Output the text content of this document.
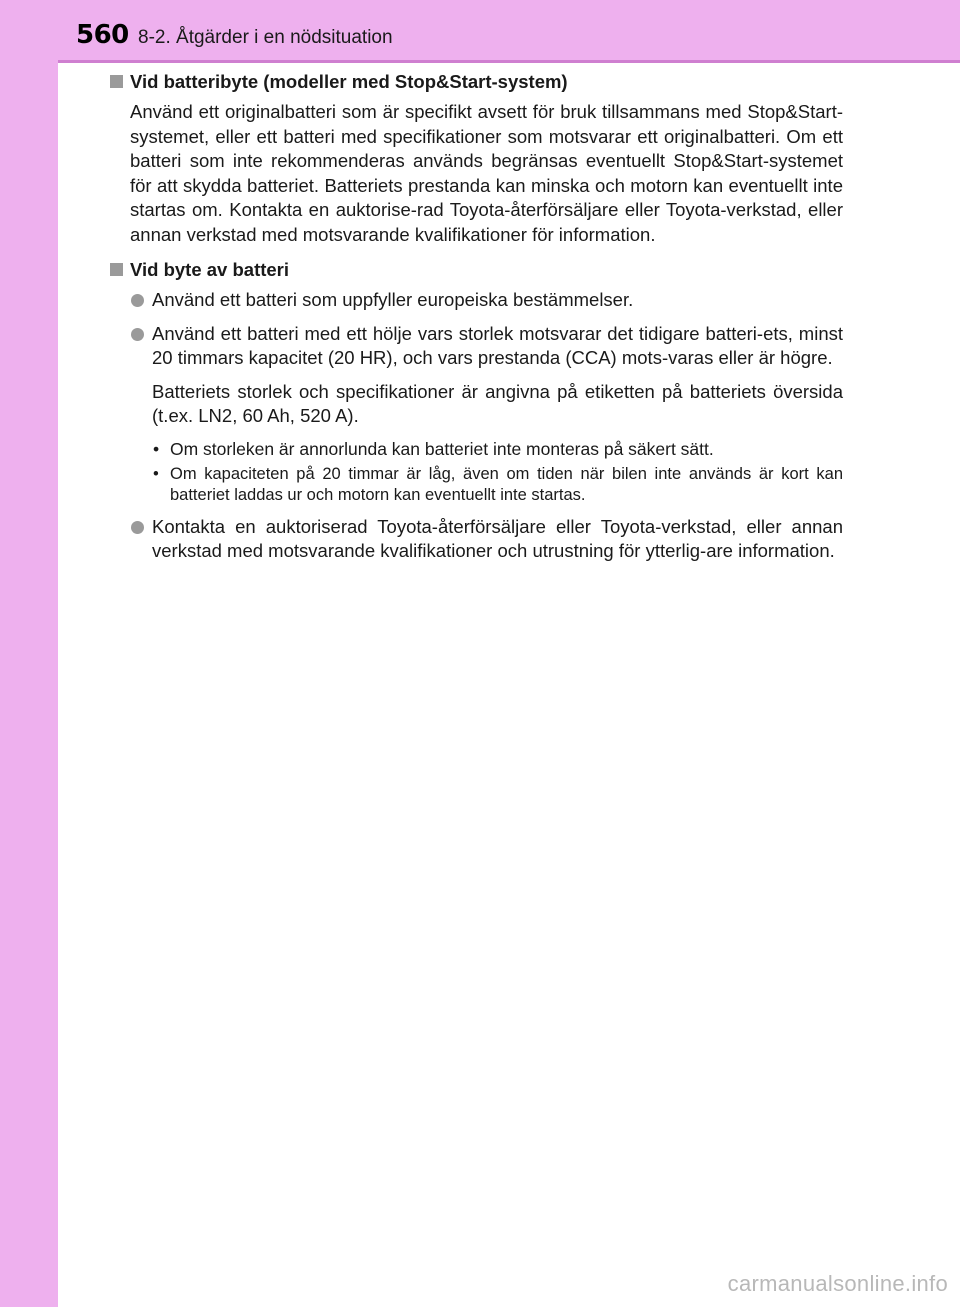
560 8-2. Åtgärder i en nödsituation
Vid batteribyte (modeller med Stop&Start-system)
Använd ett originalbatteri som är specifikt avsett för bruk tillsammans med Stop&Start-systemet, eller ett batteri med specifikationer som motsvarar ett originalbatteri. Om ett batteri som inte rekommenderas används begränsas eventuellt Stop&Start-systemet för att skydda batteriet. Batteriets prestanda kan minska och motorn kan eventuellt inte startas om. Kontakta en auktorise-rad Toyota-återförsäljare eller Toyota-verkstad, eller annan verkstad med motsvarande kvalifikationer för information.
Vid byte av batteri
Använd ett batteri som uppfyller europeiska bestämmelser.
Använd ett batteri med ett hölje vars storlek motsvarar det tidigare batteri-ets, minst 20 timmars kapacitet (20 HR), och vars prestanda (CCA) mots-varas eller är högre.
Batteriets storlek och specifikationer är angivna på etiketten på batteriets översida (t.ex. LN2, 60 Ah, 520 A).
• Om storleken är annorlunda kan batteriet inte monteras på säkert sätt.
• Om kapaciteten på 20 timmar är låg, även om tiden när bilen inte används är kort kan batteriet laddas ur och motorn kan eventuellt inte startas.
Kontakta en auktoriserad Toyota-återförsäljare eller Toyota-verkstad, eller annan verkstad med motsvarande kvalifikationer och utrustning för ytterlig-are information.
carmanualsonline.info
